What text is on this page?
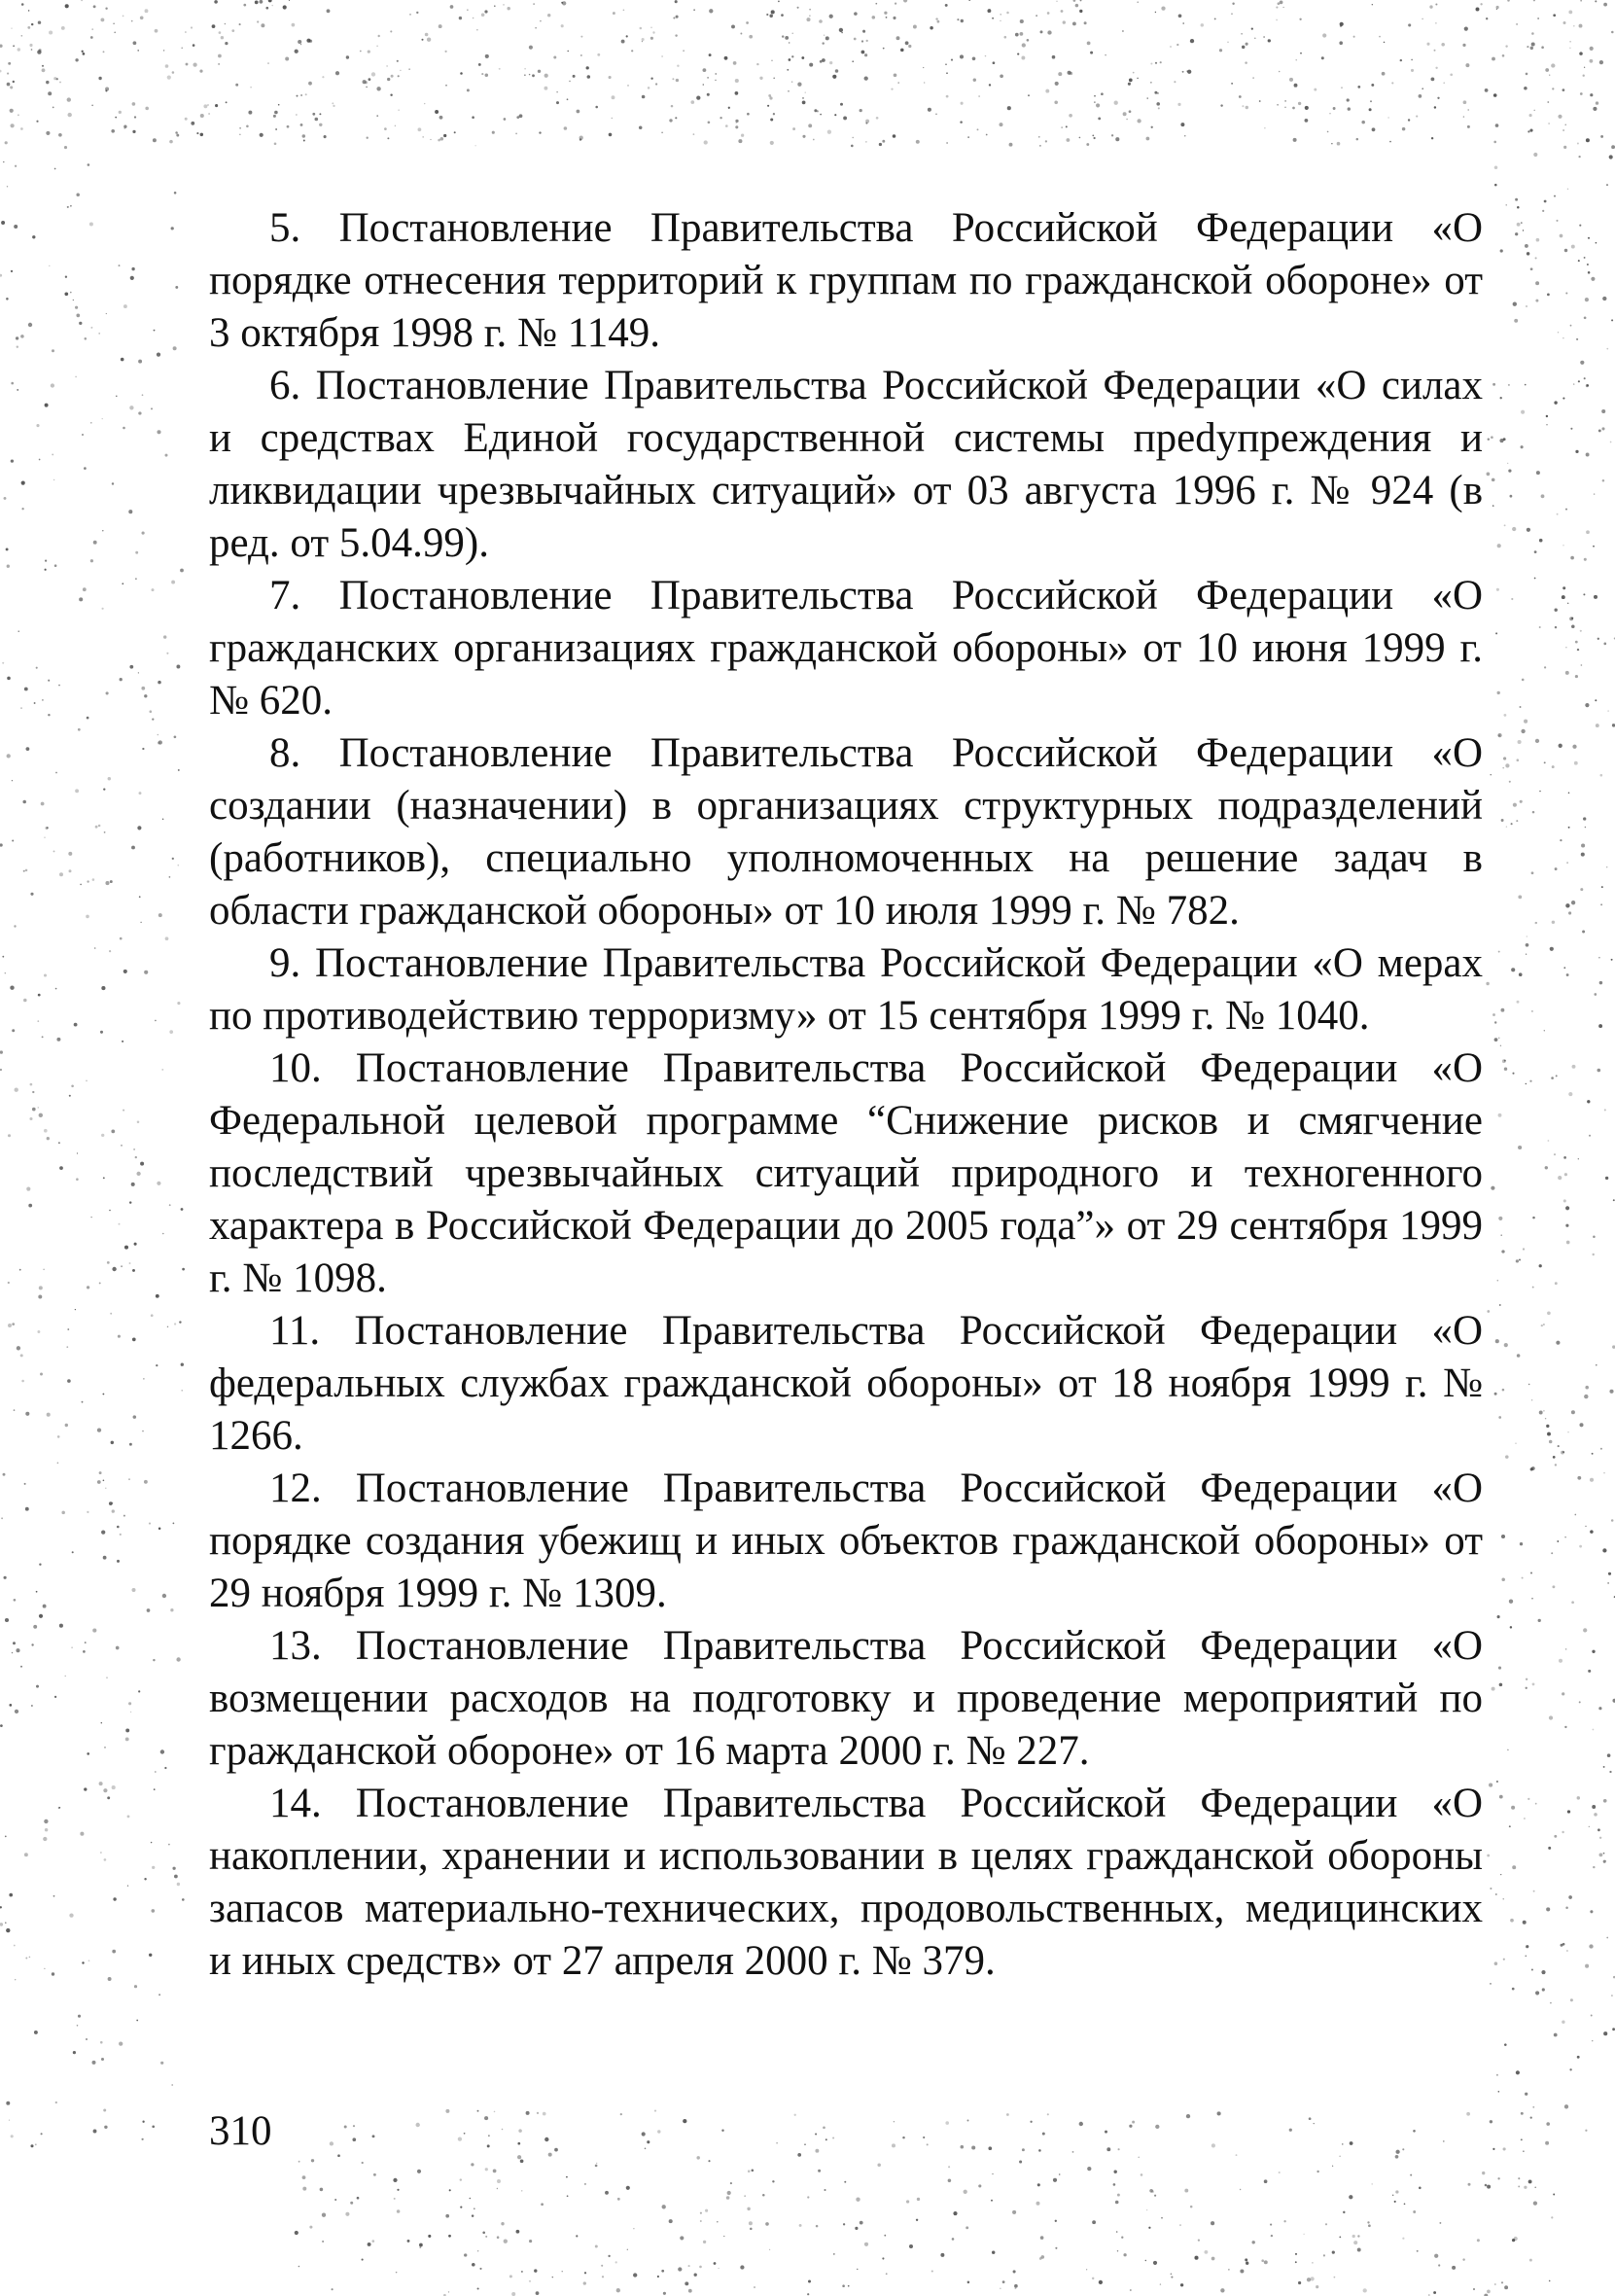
5. Постановление Правительства Российской Федерации «О порядке отнесения территорий к группам по гражданской обороне» от 3 октября 1998 г. № 1149.

6. Постановление Правительства Российской Федерации «О силах и средствах Единой государственной системы преdупреждения и ликвидации чрезвычайных ситуаций» от 03 августа 1996 г. № 924 (в ред. от 5.04.99).

7. Постановление Правительства Российской Федерации «О гражданских организациях гражданской обороны» от 10 июня 1999 г. № 620.

8. Постановление Правительства Российской Федерации «О создании (назначении) в организациях структурных подразделений (работников), специально уполномоченных на решение задач в области гражданской обороны» от 10 июля 1999 г. № 782.

9. Постановление Правительства Российской Федерации «О мерах по противодействию терроризму» от 15 сентября 1999 г. № 1040.

10. Постановление Правительства Российской Федерации «О Федеральной целевой программе “Снижение рисков и смягчение последствий чрезвычайных ситуаций природного и техногенного характера в Российской Федерации до 2005 года”» от 29 сентября 1999 г. № 1098.

11. Постановление Правительства Российской Федерации «О федеральных службах гражданской обороны» от 18 ноября 1999 г. № 1266.

12. Постановление Правительства Российской Федерации «О порядке создания убежищ и иных объектов гражданской обороны» от 29 ноября 1999 г. № 1309.

13. Постановление Правительства Российской Федерации «О возмещении расходов на подготовку и проведение мероприятий по гражданской обороне» от 16 марта 2000 г. № 227.

14. Постановление Правительства Российской Федерации «О накоплении, хранении и использовании в целях гражданской обороны запасов материально-технических, продовольственных, медицинских и иных средств» от 27 апреля 2000 г. № 379.

310
